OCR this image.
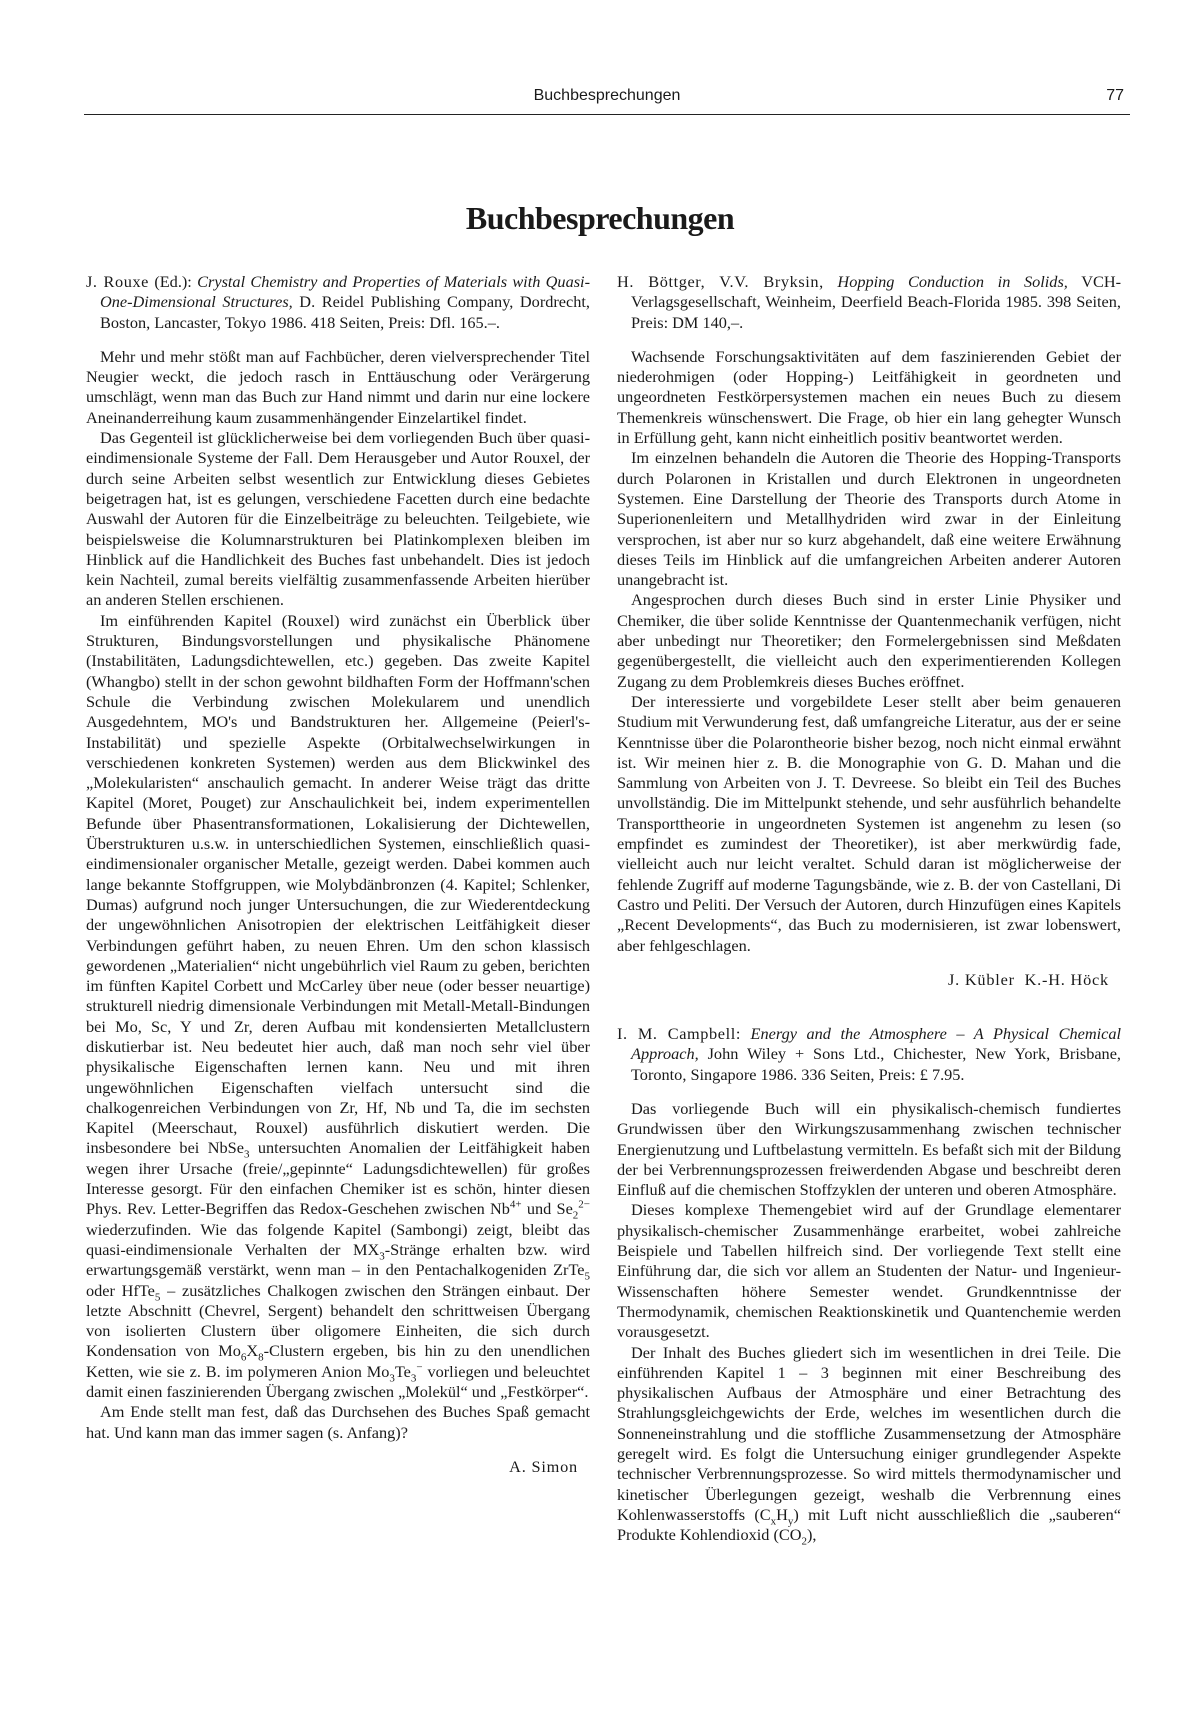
Buchbesprechungen	77
Buchbesprechungen
J. Rouxe (Ed.): Crystal Chemistry and Properties of Materials with Quasi-One-Dimensional Structures, D. Reidel Publishing Company, Dordrecht, Boston, Lancaster, Tokyo 1986. 418 Seiten, Preis: Dfl. 165.–.

Mehr und mehr stößt man auf Fachbücher, deren vielversprechender Titel Neugier weckt, die jedoch rasch in Enttäuschung oder Verärgerung umschlägt, wenn man das Buch zur Hand nimmt und darin nur eine lockere Aneinanderreihung kaum zusammenhängender Einzelartikel findet.

Das Gegenteil ist glücklicherweise bei dem vorliegenden Buch über quasi-eindimensionale Systeme der Fall. Dem Herausgeber und Autor Rouxel, der durch seine Arbeiten selbst wesentlich zur Entwicklung dieses Gebietes beigetragen hat, ist es gelungen, verschiedene Facetten durch eine bedachte Auswahl der Autoren für die Einzelbeiträge zu beleuchten. Teilgebiete, wie beispielsweise die Kolumnarstrukturen bei Platinkomplexen bleiben im Hinblick auf die Handlichkeit des Buches fast unbehandelt. Dies ist jedoch kein Nachteil, zumal bereits vielfältig zusammenfassende Arbeiten hierüber an anderen Stellen erschienen.

Im einführenden Kapitel (Rouxel) wird zunächst ein Überblick über Strukturen, Bindungsvorstellungen und physikalische Phänomene (Instabilitäten, Ladungsdichtewellen, etc.) gegeben. Das zweite Kapitel (Whangbo) stellt in der schon gewohnt bildhaften Form der Hoffmann'schen Schule die Verbindung zwischen Molekularem und unendlich Ausgedehntem, MO's und Bandstrukturen her. Allgemeine (Peierl's-Instabilität) und spezielle Aspekte (Orbitalwechselwirkungen in verschiedenen konkreten Systemen) werden aus dem Blickwinkel des „Molekularisten“ anschaulich gemacht. In anderer Weise trägt das dritte Kapitel (Moret, Pouget) zur Anschaulichkeit bei, indem experimentellen Befunde über Phasentransformationen, Lokalisierung der Dichtewellen, Überstrukturen u.s.w. in unterschiedlichen Systemen, einschließlich quasi-eindimensionaler organischer Metalle, gezeigt werden. Dabei kommen auch lange bekannte Stoffgruppen, wie Molybdänbronzen (4. Kapitel; Schlenker, Dumas) aufgrund noch junger Untersuchungen, die zur Wiederentdeckung der ungewöhnlichen Anisotropien der elektrischen Leitfähigkeit dieser Verbindungen geführt haben, zu neuen Ehren. Um den schon klassisch gewordenen „Materialien“ nicht ungebührlich viel Raum zu geben, berichten im fünften Kapitel Corbett und McCarley über neue (oder besser neuartige) strukturell niedrig dimensionale Verbindungen mit Metall-Metall-Bindungen bei Mo, Sc, Y und Zr, deren Aufbau mit kondensierten Metallclustern diskutierbar ist. Neu bedeutet hier auch, daß man noch sehr viel über physikalische Eigenschaften lernen kann. Neu und mit ihren ungewöhnlichen Eigenschaften vielfach untersucht sind die chalkogenreichen Verbindungen von Zr, Hf, Nb und Ta, die im sechsten Kapitel (Meerschaut, Rouxel) ausführlich diskutiert werden. Die insbesondere bei NbSe$_3$ untersuchten Anomalien der Leitfähigkeit haben wegen ihrer Ursache (freie/„gepinnte“ Ladungsdichtewellen) für großes Interesse gesorgt. Für den einfachen Chemiker ist es schön, hinter diesen Phys. Rev. Letter-Begriffen das Redox-Geschehen zwischen $Nb^{4+}$ und $Se_2^{2-}$ wiederzufinden. Wie das folgende Kapitel (Sambongi) zeigt, bleibt das quasi-eindimensionale Verhalten der $MX_3$-Stränge erhalten bzw. wird erwartungsgemäß verstärkt, wenn man – in den Pentachalkogeniden ZrTe$_5$ oder HfTe$_5$ – zusätzliches Chalkogen zwischen den Strängen einbaut. Der letzte Abschnitt (Chevrel, Sergent) behandelt den schrittweisen Übergang von isolierten Clustern über oligomere Einheiten, die sich durch Kondensation von $Mo_6X_8$-Clustern ergeben, bis hin zu den unendlichen Ketten, wie sie z. B. im polymeren Anion $Mo_3Te_3^-$ vorliegen und beleuchtet damit einen faszinierenden Übergang zwischen „Molekül“ und „Festkörper“.

Am Ende stellt man fest, daß das Durchsehen des Buches Spaß gemacht hat. Und kann man das immer sagen (s. Anfang)?

A. Simon
H. Böttger, V.V. Bryksin, Hopping Conduction in Solids, VCH-Verlagsgesellschaft, Weinheim, Deerfield Beach-Florida 1985. 398 Seiten, Preis: DM 140,–.

Wachsende Forschungsaktivitäten auf dem faszinierenden Gebiet der niederohmigen (oder Hopping-) Leitfähigkeit in geordneten und ungeordneten Festkörpersystemen machen ein neues Buch zu diesem Themenkreis wünschenswert. Die Frage, ob hier ein lang gehegter Wunsch in Erfüllung geht, kann nicht einheitlich positiv beantwortet werden.

Im einzelnen behandeln die Autoren die Theorie des Hopping-Transports durch Polaronen in Kristallen und durch Elektronen in ungeordneten Systemen. Eine Darstellung der Theorie des Transports durch Atome in Superionenleitern und Metallhydriden wird zwar in der Einleitung versprochen, ist aber nur so kurz abgehandelt, daß eine weitere Erwähnung dieses Teils im Hinblick auf die umfangreichen Arbeiten anderer Autoren unangebracht ist.

Angesprochen durch dieses Buch sind in erster Linie Physiker und Chemiker, die über solide Kenntnisse der Quantenmechanik verfügen, nicht aber unbedingt nur Theoretiker; den Formelergebnissen sind Meßdaten gegenübergestellt, die vielleicht auch den experimentierenden Kollegen Zugang zu dem Problemkreis dieses Buches eröffnet.

Der interessierte und vorgebildete Leser stellt aber beim genaueren Studium mit Verwunderung fest, daß umfangreiche Literatur, aus der er seine Kenntnisse über die Polarontheorie bisher bezog, noch nicht einmal erwähnt ist. Wir meinen hier z. B. die Monographie von G. D. Mahan und die Sammlung von Arbeiten von J. T. Devreese. So bleibt ein Teil des Buches unvollständig. Die im Mittelpunkt stehende, und sehr ausführlich behandelte Transporttheorie in ungeordneten Systemen ist angenehm zu lesen (so empfindet es zumindest der Theoretiker), ist aber merkwürdig fade, vielleicht auch nur leicht veraltet. Schuld daran ist möglicherweise der fehlende Zugriff auf moderne Tagungsbände, wie z. B. der von Castellani, Di Castro und Peliti. Der Versuch der Autoren, durch Hinzufügen eines Kapitels „Recent Developments“, das Buch zu modernisieren, ist zwar lobenswert, aber fehlgeschlagen.

J. Kübler  K.-H. Höck
I. M. Campbell: Energy and the Atmosphere – A Physical Chemical Approach, John Wiley + Sons Ltd., Chichester, New York, Brisbane, Toronto, Singapore 1986. 336 Seiten, Preis: £ 7.95.

Das vorliegende Buch will ein physikalisch-chemisch fundiertes Grundwissen über den Wirkungszusammenhang zwischen technischer Energienutzung und Luftbelastung vermitteln. Es befaßt sich mit der Bildung der bei Verbrennungsprozessen freiwerdenden Abgase und beschreibt deren Einfluß auf die chemischen Stoffzyklen der unteren und oberen Atmosphäre.

Dieses komplexe Themengebiet wird auf der Grundlage elementarer physikalisch-chemischer Zusammenhänge erarbeitet, wobei zahlreiche Beispiele und Tabellen hilfreich sind. Der vorliegende Text stellt eine Einführung dar, die sich vor allem an Studenten der Natur- und Ingenieur-Wissenschaften höhere Semester wendet. Grundkenntnisse der Thermodynamik, chemischen Reaktionskinetik und Quantenchemie werden vorausgesetzt.

Der Inhalt des Buches gliedert sich im wesentlichen in drei Teile. Die einführenden Kapitel 1 – 3 beginnen mit einer Beschreibung des physikalischen Aufbaus der Atmosphäre und einer Betrachtung des Strahlungsgleichgewichts der Erde, welches im wesentlichen durch die Sonneneinstrahlung und die stoffliche Zusammensetzung der Atmosphäre geregelt wird. Es folgt die Untersuchung einiger grundlegender Aspekte technischer Verbrennungsprozesse. So wird mittels thermodynamischer und kinetischer Überlegungen gezeigt, weshalb die Verbrennung eines Kohlenwasserstoffs $(C_xH_y)$ mit Luft nicht ausschließlich die „sauberen“ Produkte Kohlendioxid $(CO_2)$,
